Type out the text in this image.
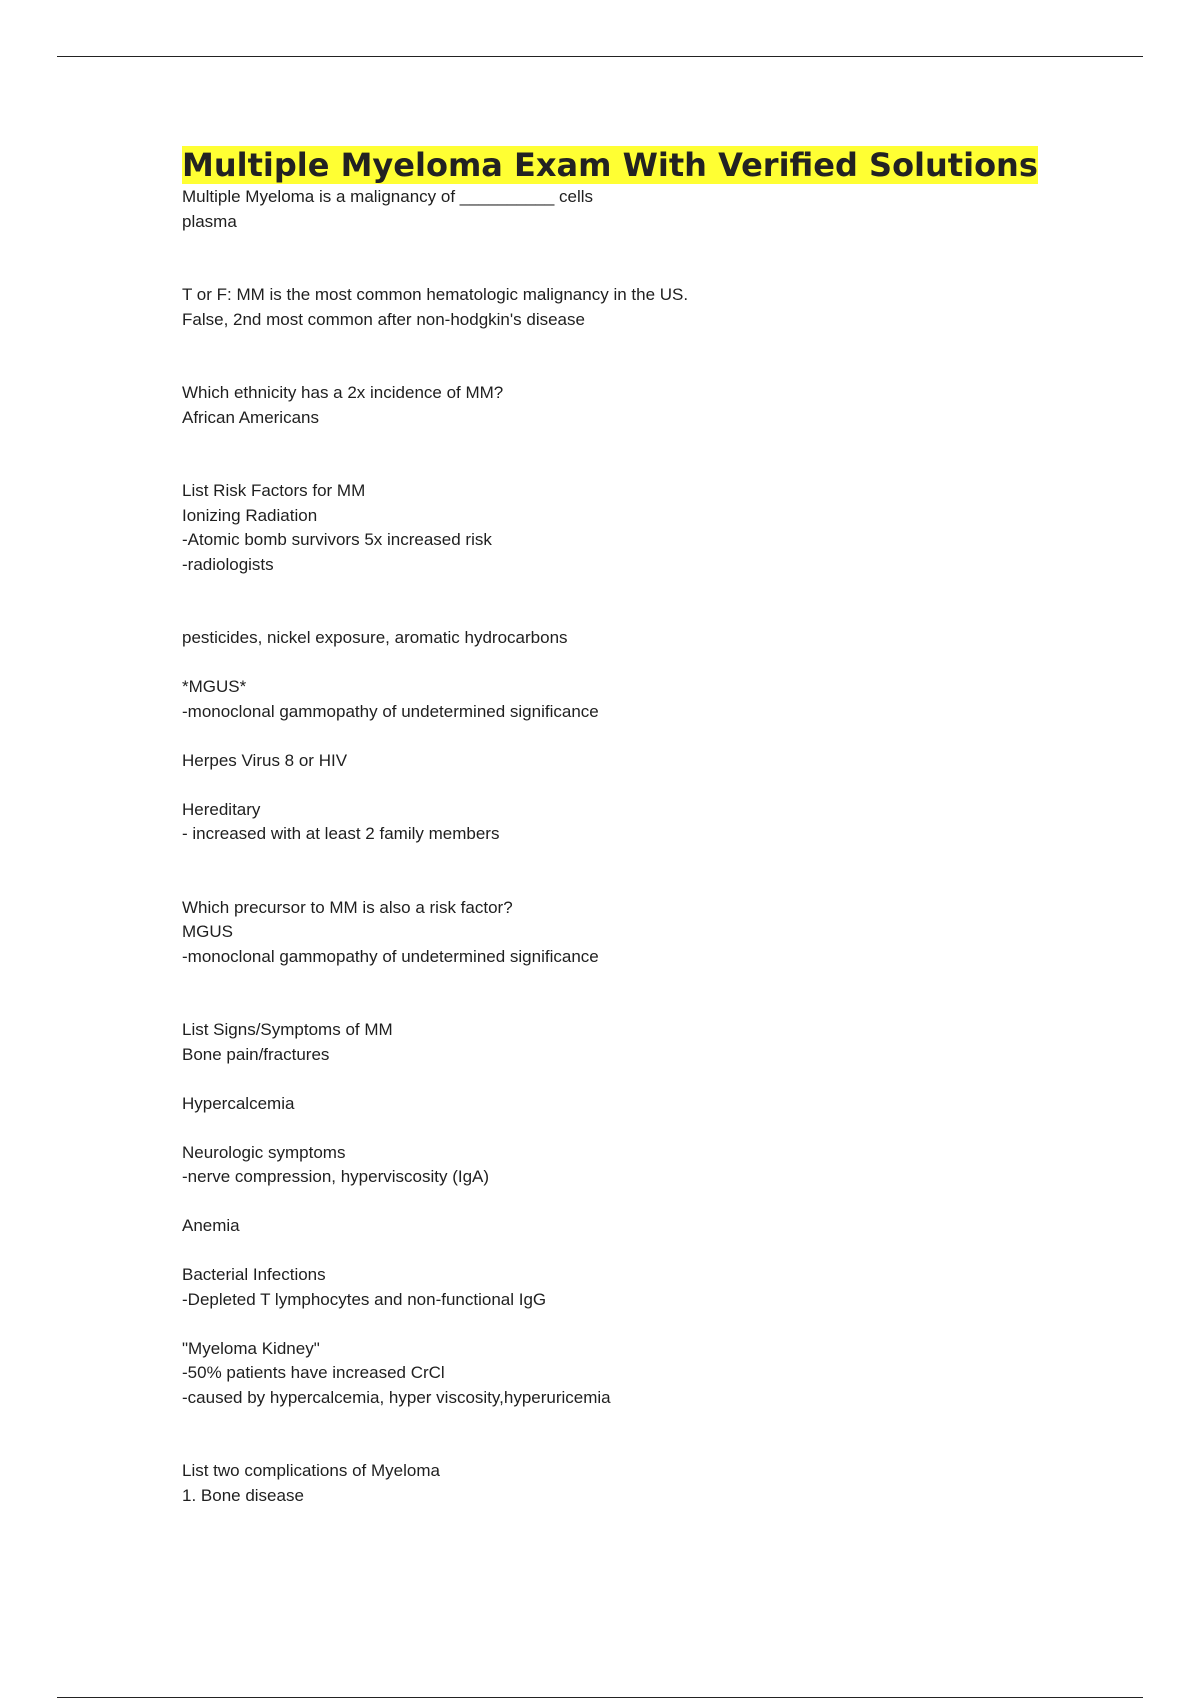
Multiple Myeloma Exam With Verified Solutions
Multiple Myeloma is a malignancy of __________ cells
plasma
T or F: MM is the most common hematologic malignancy in the US.
False, 2nd most common after non-hodgkin's disease
Which ethnicity has a 2x incidence of MM?
African Americans
List Risk Factors for MM
Ionizing Radiation
-Atomic bomb survivors 5x increased risk
-radiologists
pesticides, nickel exposure, aromatic hydrocarbons
*MGUS*
-monoclonal gammopathy of undetermined significance
Herpes Virus 8 or HIV
Hereditary
- increased with at least 2 family members
Which precursor to MM is also a risk factor?
MGUS
-monoclonal gammopathy of undetermined significance
List Signs/Symptoms of MM
Bone pain/fractures
Hypercalcemia
Neurologic symptoms
-nerve compression, hyperviscosity (IgA)
Anemia
Bacterial Infections
-Depleted T lymphocytes and non-functional IgG
"Myeloma Kidney"
-50% patients have increased CrCl
-caused by hypercalcemia, hyper viscosity,hyperuricemia
List two complications of Myeloma
1. Bone disease
